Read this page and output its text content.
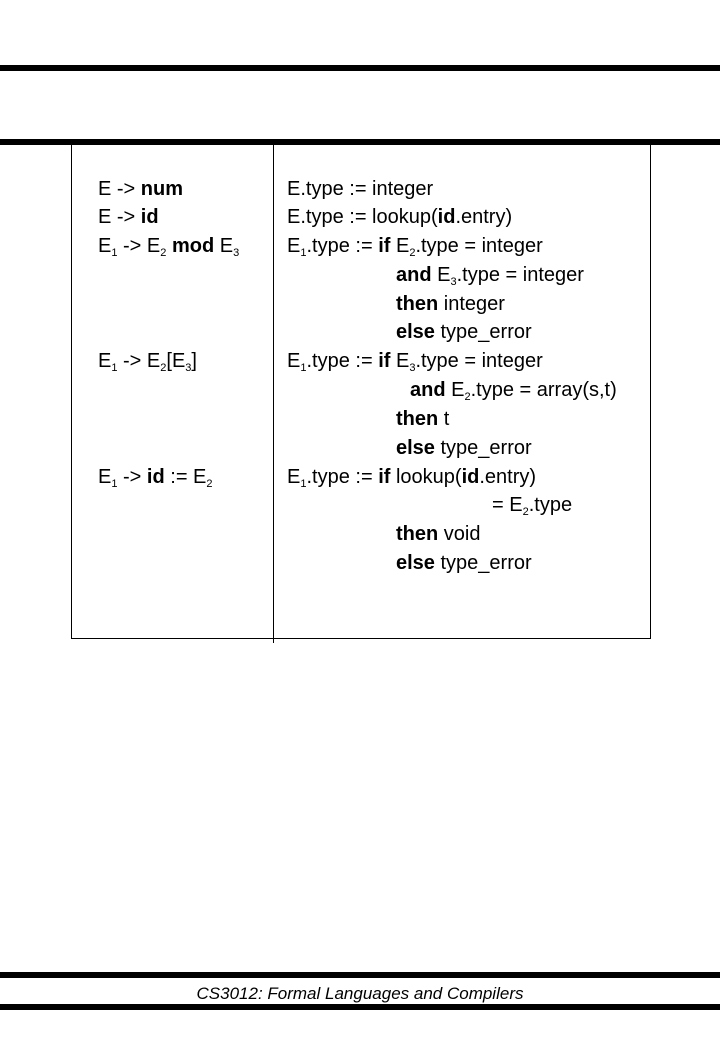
E -> num
E -> id
$E_1 -> E_2$ mod $E_3$
$E_1 -> E_2[E_3]$
$E_1$ -> id := $E_2$
E.type := integer
E.type := lookup(id.entry)
$E_1.type$ := if $E_2.type$ = integer
and $E_3.type$ = integer
then integer
else type_error
$E_1.type$ := if $E_3.type$ = integer
and $E_2.type$ = array(s,t)
then t
else type_error
$E_1.type$ := if lookup(id.entry)
= $E_2.type$
then void
else type_error
CS3012: Formal Languages and Compilers
